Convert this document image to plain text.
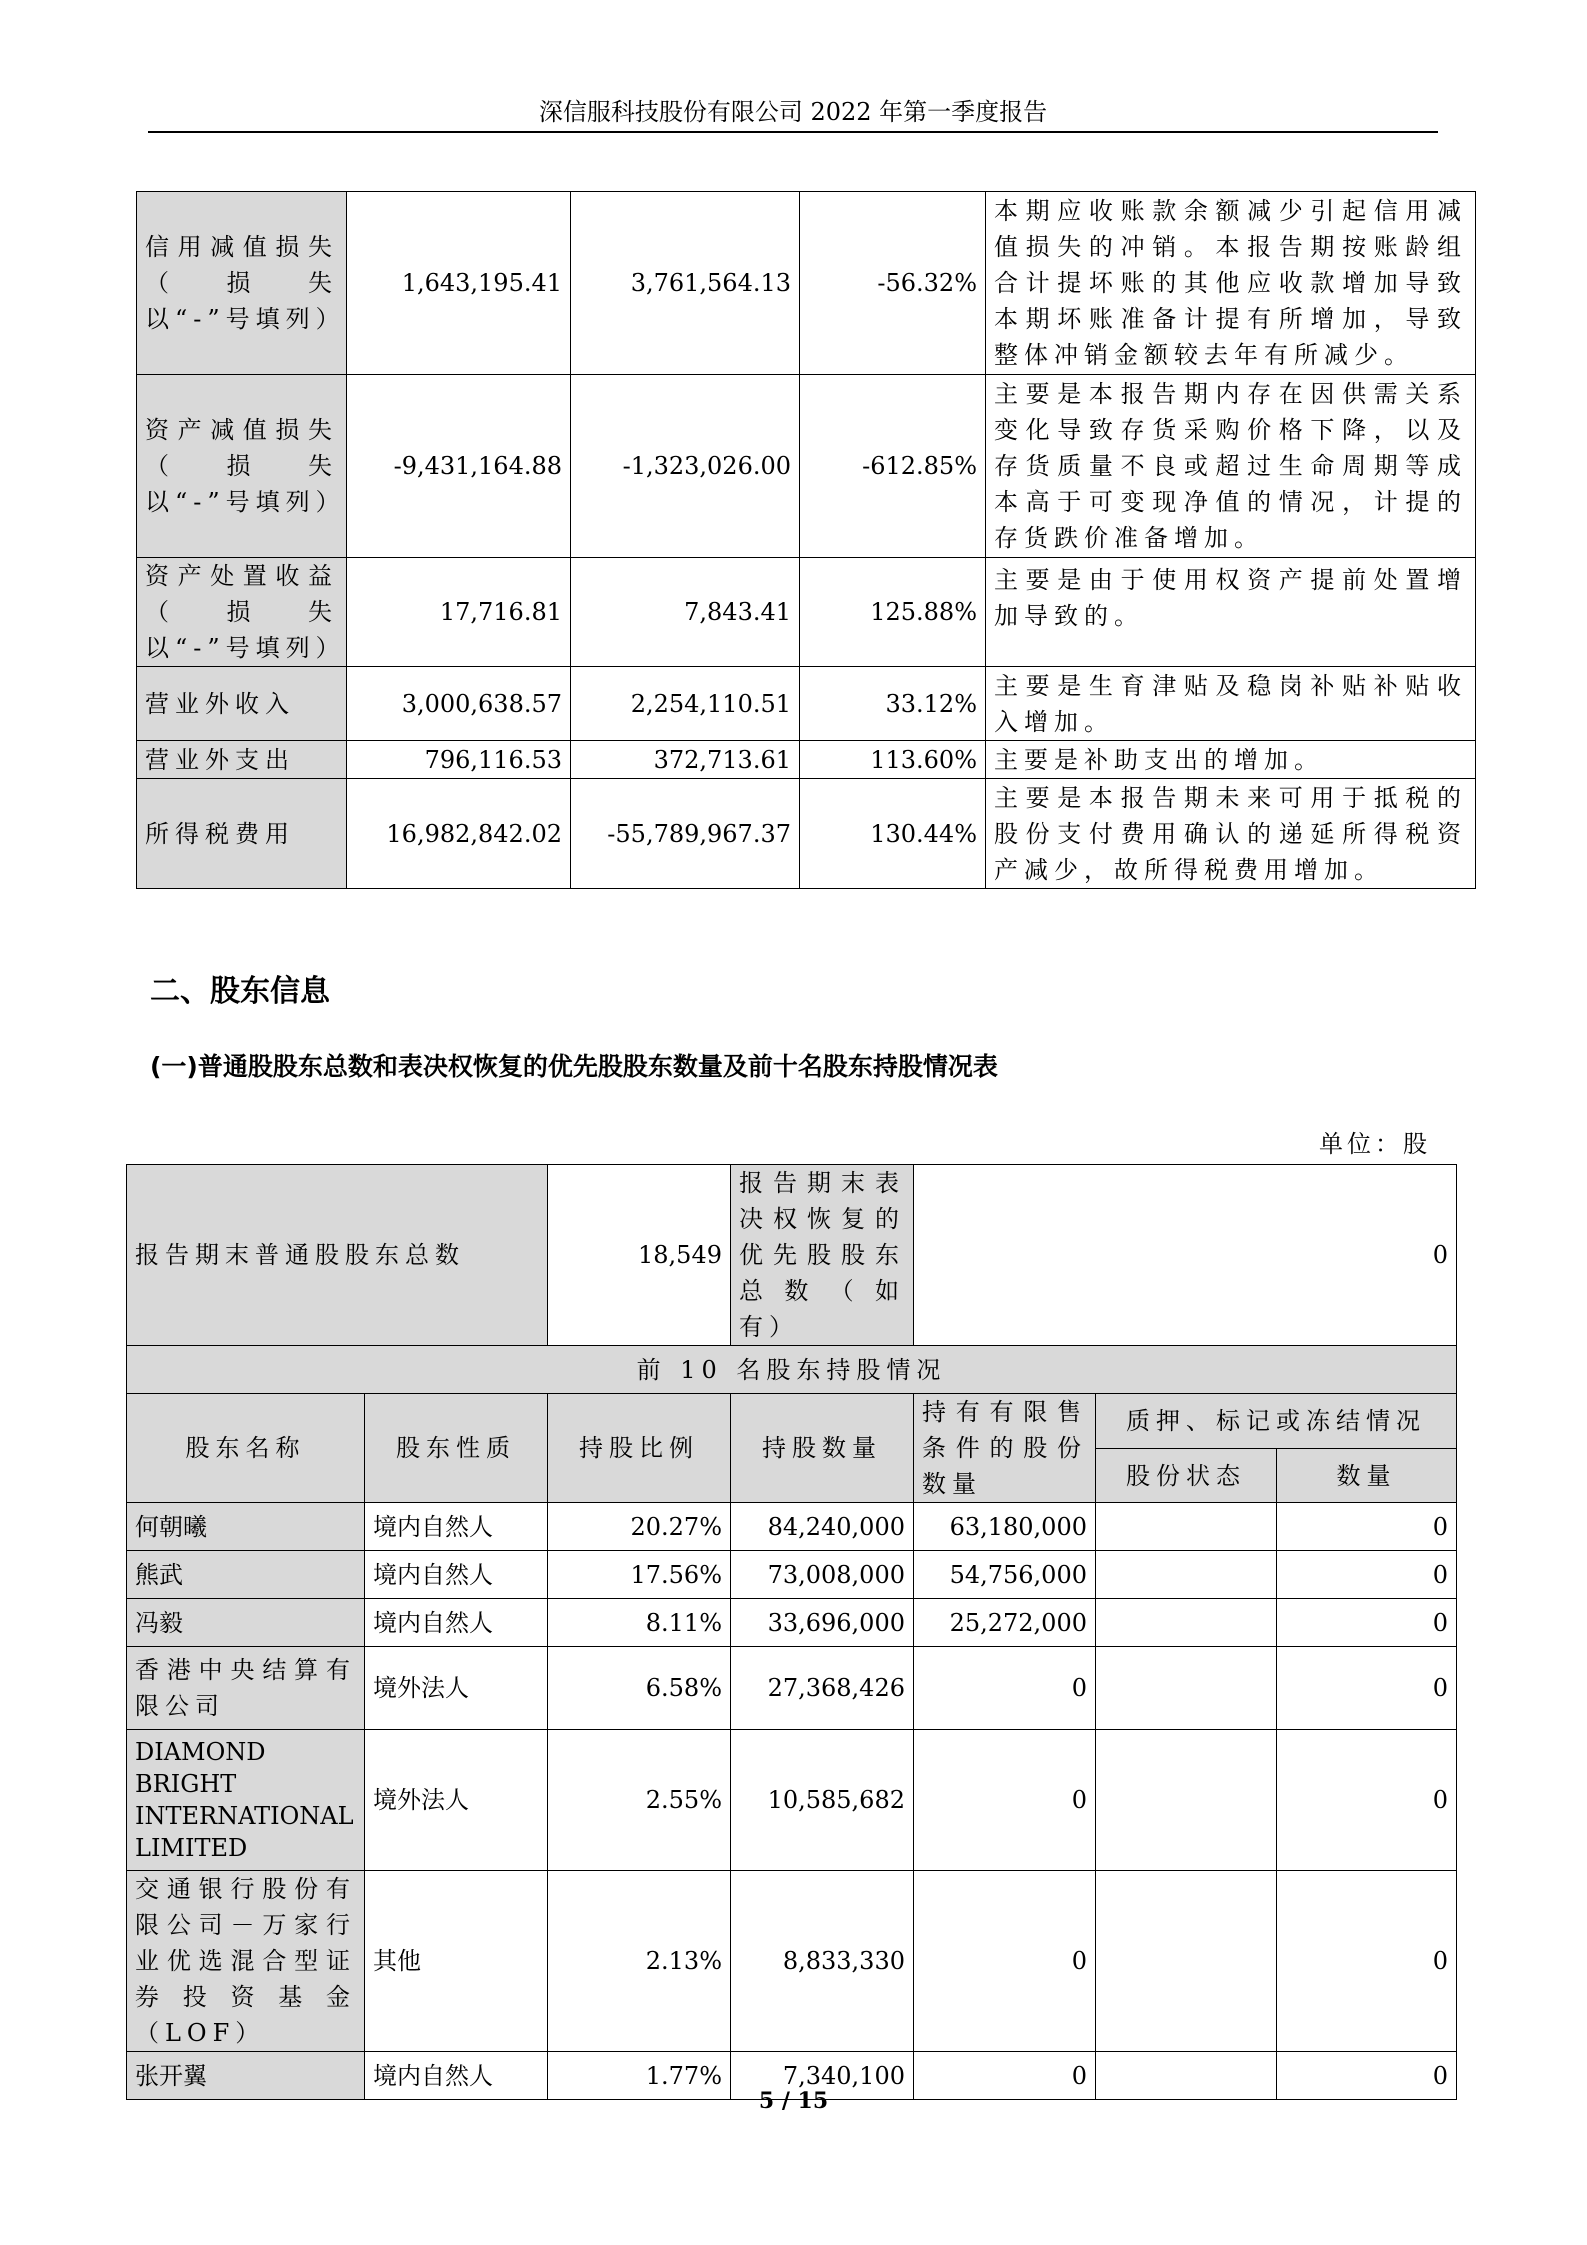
深信服科技股份有限公司 2022 年第一季度报告
信用减值损失（损失以“-”号填列）	1,643,195.41	3,761,564.13	-56.32%	本期应收账款余额减少引起信用减值损失的冲销。本报告期按账龄组合计提坏账的其他应收款增加导致本期坏账准备计提有所增加，导致整体冲销金额较去年有所减少。
资产减值损失（损失以“-”号填列）	-9,431,164.88	-1,323,026.00	-612.85%	主要是本报告期内存在因供需关系变化导致存货采购价格下降，以及存货质量不良或超过生命周期等成本高于可变现净值的情况，计提的存货跌价准备增加。
资产处置收益（损失以“-”号填列）	17,716.81	7,843.41	125.88%	主要是由于使用权资产提前处置增加导致的。
营业外收入	3,000,638.57	2,254,110.51	33.12%	主要是生育津贴及稳岗补贴补贴收入增加。
营业外支出	796,116.53	372,713.61	113.60%	主要是补助支出的增加。
所得税费用	16,982,842.02	-55,789,967.37	130.44%	主要是本报告期未来可用于抵税的股份支付费用确认的递延所得税资产减少，故所得税费用增加。
二、股东信息
(一)普通股股东总数和表决权恢复的优先股股东数量及前十名股东持股情况表
单位：股
报告期末普通股股东总数		18,549	报告期末表决权恢复的优先股股东总数（如有）	0		
前 10 名股东持股情况						
股东名称	股东性质	持股比例	持股数量	持有有限售条件的股份数量	质押、标记或冻结情况	
					股份状态	数量
何朝曦	境内自然人	20.27%	84,240,000	63,180,000		0
熊武	境内自然人	17.56%	73,008,000	54,756,000		0
冯毅	境内自然人	8.11%	33,696,000	25,272,000		0
香港中央结算有限公司	境外法人	6.58%	27,368,426	0		0
DIAMOND BRIGHT INTERNATIONAL LIMITED	境外法人	2.55%	10,585,682	0		0
交通银行股份有限公司－万家行业优选混合型证券投资基金（LOF）	其他	2.13%	8,833,330	0		0
张开翼	境内自然人	1.77%	7,340,100	0		0
5 / 15
